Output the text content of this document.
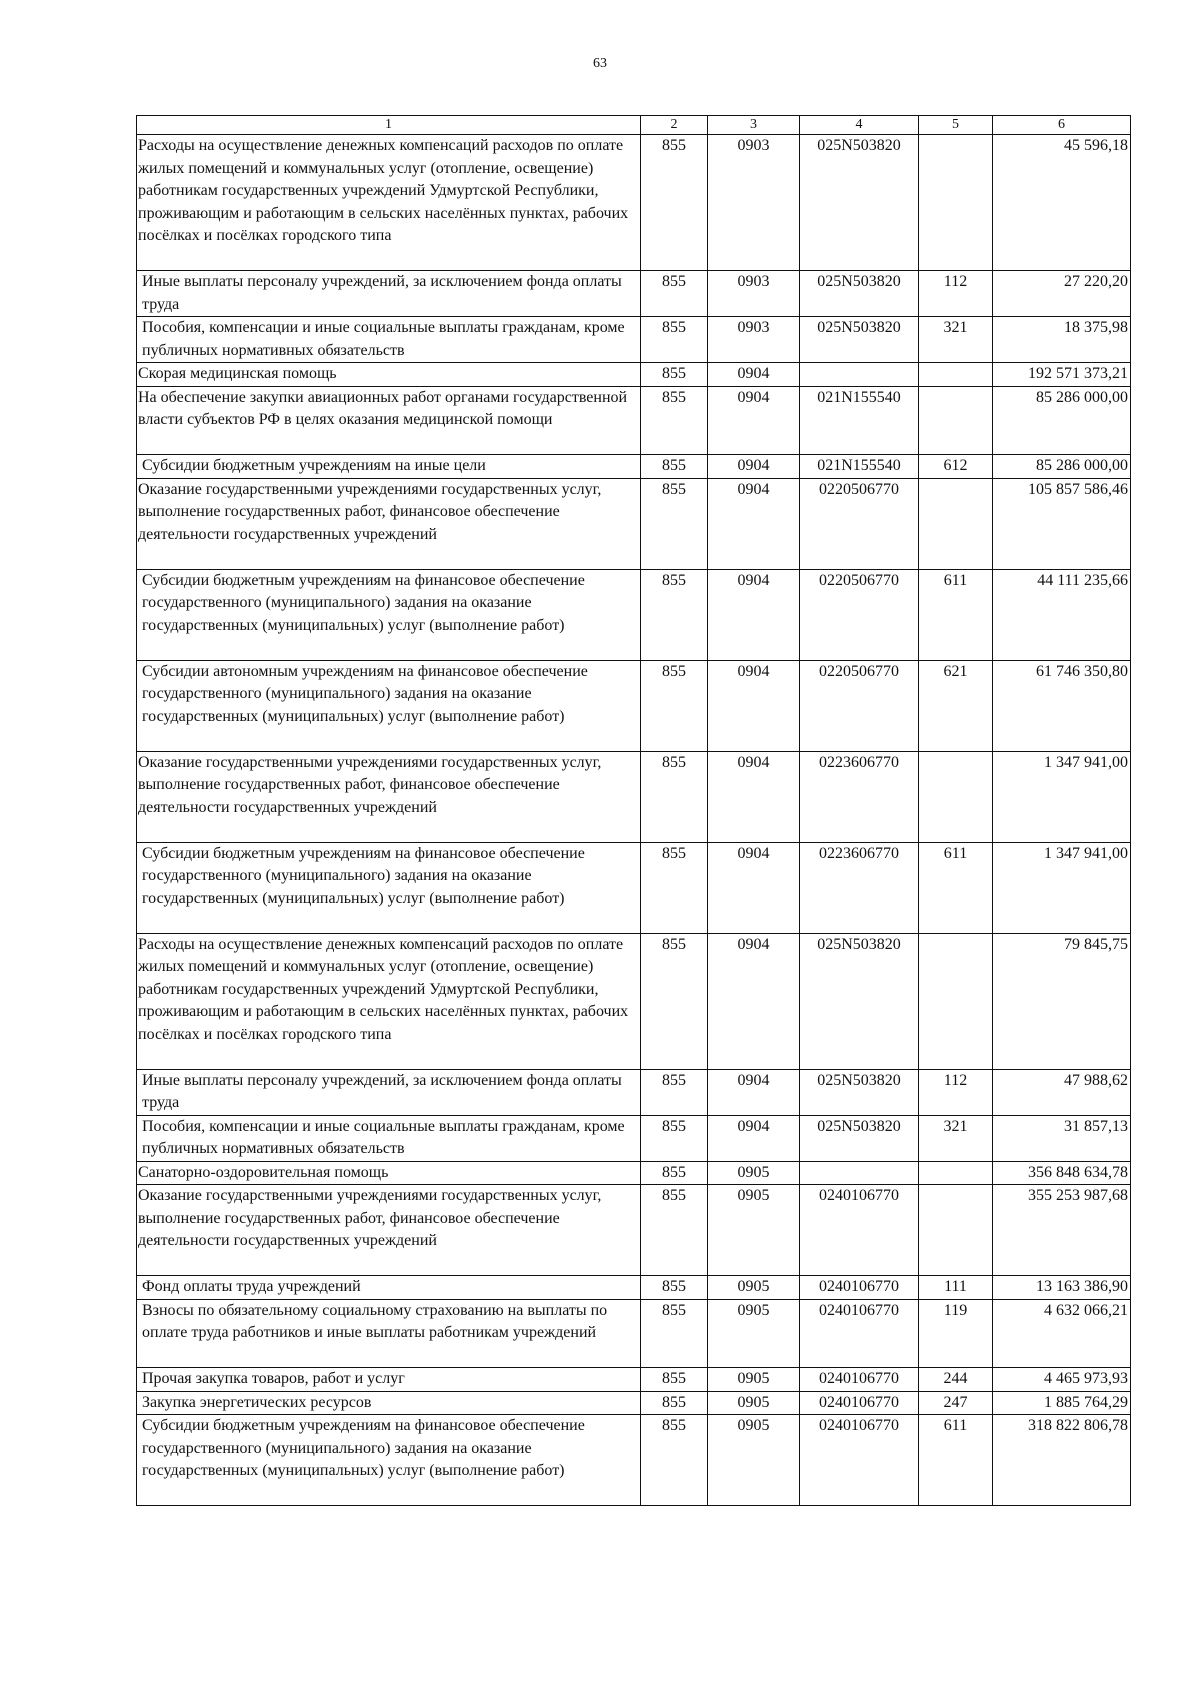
63
1	2	3	4	5	6
Расходы на осуществление денежных компенсаций расходов по оплате жилых помещений и коммунальных услуг (отопление, освещение) работникам государственных учреждений Удмуртской Республики, проживающим и работающим в сельских населённых пунктах, рабочих посёлках и посёлках городского типа	855	0903	025N503820		45 596,18
Иные выплаты персоналу учреждений, за исключением фонда оплаты труда	855	0903	025N503820	112	27 220,20
Пособия, компенсации и иные социальные выплаты гражданам, кроме публичных нормативных обязательств	855	0903	025N503820	321	18 375,98
Скорая медицинская помощь	855	0904			192 571 373,21
На обеспечение закупки авиационных работ органами государственной власти субъектов РФ в целях оказания медицинской помощи	855	0904	021N155540		85 286 000,00
Субсидии бюджетным учреждениям на иные цели	855	0904	021N155540	612	85 286 000,00
Оказание государственными учреждениями государственных услуг, выполнение государственных работ, финансовое обеспечение деятельности государственных учреждений	855	0904	0220506770		105 857 586,46
Субсидии бюджетным учреждениям на финансовое обеспечение государственного (муниципального) задания на оказание государственных (муниципальных) услуг (выполнение работ)	855	0904	0220506770	611	44 111 235,66
Субсидии автономным учреждениям на финансовое обеспечение государственного (муниципального) задания на оказание государственных (муниципальных) услуг (выполнение работ)	855	0904	0220506770	621	61 746 350,80
Оказание государственными учреждениями государственных услуг, выполнение государственных работ, финансовое обеспечение деятельности государственных учреждений	855	0904	0223606770		1 347 941,00
Субсидии бюджетным учреждениям на финансовое обеспечение государственного (муниципального) задания на оказание государственных (муниципальных) услуг (выполнение работ)	855	0904	0223606770	611	1 347 941,00
Расходы на осуществление денежных компенсаций расходов по оплате жилых помещений и коммунальных услуг (отопление, освещение) работникам государственных учреждений Удмуртской Республики, проживающим и работающим в сельских населённых пунктах, рабочих посёлках и посёлках городского типа	855	0904	025N503820		79 845,75
Иные выплаты персоналу учреждений, за исключением фонда оплаты труда	855	0904	025N503820	112	47 988,62
Пособия, компенсации и иные социальные выплаты гражданам, кроме публичных нормативных обязательств	855	0904	025N503820	321	31 857,13
Санаторно-оздоровительная помощь	855	0905			356 848 634,78
Оказание государственными учреждениями государственных услуг, выполнение государственных работ, финансовое обеспечение деятельности государственных учреждений	855	0905	0240106770		355 253 987,68
Фонд оплаты труда учреждений	855	0905	0240106770	111	13 163 386,90
Взносы по обязательному социальному страхованию на выплаты по оплате труда работников и иные выплаты работникам учреждений	855	0905	0240106770	119	4 632 066,21
Прочая закупка товаров, работ и услуг	855	0905	0240106770	244	4 465 973,93
Закупка энергетических ресурсов	855	0905	0240106770	247	1 885 764,29
Субсидии бюджетным учреждениям на финансовое обеспечение государственного (муниципального) задания на оказание государственных (муниципальных) услуг (выполнение работ)	855	0905	0240106770	611	318 822 806,78
